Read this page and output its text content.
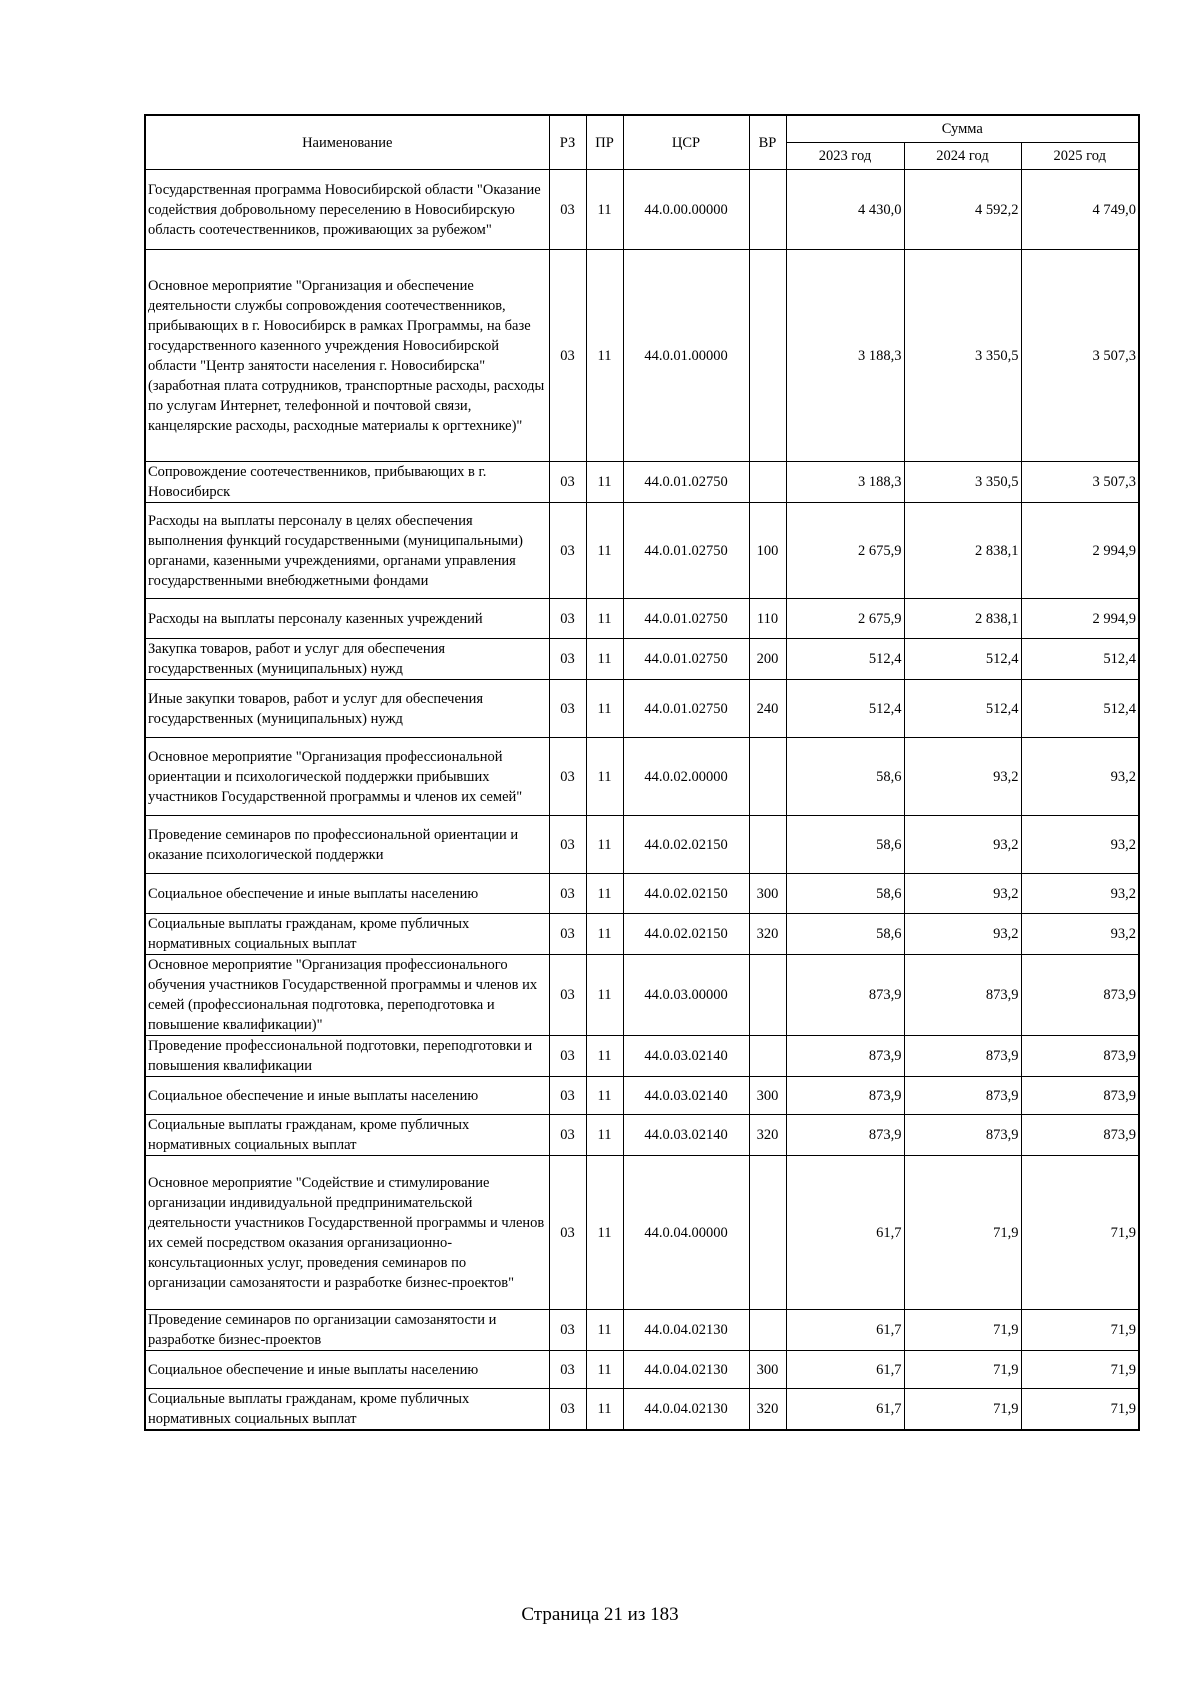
Наименование	РЗ	ПР	ЦСР	ВР	Сумма		
					2023 год	2024 год	2025 год
Государственная программа Новосибирской области "Оказание содействия добровольному переселению в Новосибирскую область соотечественников, проживающих за рубежом"	03	11	44.0.00.00000		4 430,0	4 592,2	4 749,0
Основное мероприятие "Организация и обеспечение деятельности службы сопровождения соотечественников, прибывающих в г. Новосибирск в рамках Программы, на базе государственного казенного учреждения Новосибирской области "Центр занятости населения г. Новосибирска" (заработная плата сотрудников, транспортные расходы, расходы по услугам Интернет, телефонной и почтовой связи, канцелярские расходы, расходные материалы к оргтехнике)"	03	11	44.0.01.00000		3 188,3	3 350,5	3 507,3
Сопровождение соотечественников, прибывающих в г. Новосибирск	03	11	44.0.01.02750		3 188,3	3 350,5	3 507,3
Расходы на выплаты персоналу в целях обеспечения выполнения функций государственными (муниципальными) органами, казенными учреждениями, органами управления государственными внебюджетными фондами	03	11	44.0.01.02750	100	2 675,9	2 838,1	2 994,9
Расходы на выплаты персоналу казенных учреждений	03	11	44.0.01.02750	110	2 675,9	2 838,1	2 994,9
Закупка товаров, работ и услуг для обеспечения государственных (муниципальных) нужд	03	11	44.0.01.02750	200	512,4	512,4	512,4
Иные закупки товаров, работ и услуг для обеспечения государственных (муниципальных) нужд	03	11	44.0.01.02750	240	512,4	512,4	512,4
Основное мероприятие "Организация профессиональной ориентации и психологической поддержки прибывших участников Государственной программы и членов их семей"	03	11	44.0.02.00000		58,6	93,2	93,2
Проведение семинаров по профессиональной ориентации и оказание психологической поддержки	03	11	44.0.02.02150		58,6	93,2	93,2
Социальное обеспечение и иные выплаты населению	03	11	44.0.02.02150	300	58,6	93,2	93,2
Социальные выплаты гражданам, кроме публичных нормативных социальных выплат	03	11	44.0.02.02150	320	58,6	93,2	93,2
Основное мероприятие "Организация профессионального обучения участников Государственной программы и членов их семей (профессиональная подготовка, переподготовка и повышение квалификации)"	03	11	44.0.03.00000		873,9	873,9	873,9
Проведение профессиональной подготовки, переподготовки и повышения квалификации	03	11	44.0.03.02140		873,9	873,9	873,9
Социальное обеспечение и иные выплаты населению	03	11	44.0.03.02140	300	873,9	873,9	873,9
Социальные выплаты гражданам, кроме публичных нормативных социальных выплат	03	11	44.0.03.02140	320	873,9	873,9	873,9
Основное мероприятие "Содействие и стимулирование организации индивидуальной предпринимательской деятельности участников Государственной программы и членов их семей посредством оказания организационно-консультационных услуг, проведения семинаров по организации самозанятости и разработке бизнес-проектов"	03	11	44.0.04.00000		61,7	71,9	71,9
Проведение семинаров по организации самозанятости и разработке бизнес-проектов	03	11	44.0.04.02130		61,7	71,9	71,9
Социальное обеспечение и иные выплаты населению	03	11	44.0.04.02130	300	61,7	71,9	71,9
Социальные выплаты гражданам, кроме публичных нормативных социальных выплат	03	11	44.0.04.02130	320	61,7	71,9	71,9
Страница 21 из 183
